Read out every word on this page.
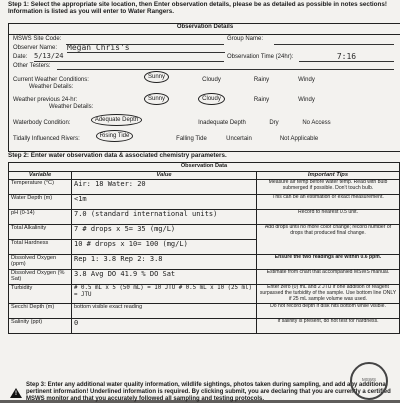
Step 1: Select the appropriate site location, then Enter observation details, please be as detailed as possible in notes sections! Information is listed as you will enter to Water Rangers.
Observation Details
MSWS Site Code:	Group Name:
Observer Name: Megan Chris's
Date: 5/13/24	Observation Time (24hr):	7:16
Other Testers:
Current Weather Conditions:
Weather Details:
Sunny	Cloudy	Rainy	Windy
Weather previous 24-hr:
Weather Details:
Sunny	Cloudy	Rainy	Windy
Waterbody Condition:	Adequate Depth	Inadequate Depth	Dry	No Access
Tidally Influenced Rivers:	Rising Tide	Falling Tide	Uncertain	Not Applicable
Step 2: Enter water observation data & associated chemistry parameters.
Observation Data		
Variable	Value	Important Tips
Temperature (°C)	Air: 18 Water: 20	Measure air temp before water temp. Read with bulb submerged if possible. Don't touch bulb.
Water Depth (m)	<1m	This can be an estimation or exact measurement.
pH (0-14)	7.0 (standard international units)	Record to nearest 0.5 unit.
Total Alkalinity	7 # drops x 5= 35 (mg/L)	Add drops until no more color change; record number of drops that produced final change.
Total Hardness	10 # drops x 10= 100 (mg/L)	
Dissolved Oxygen (ppm)	Rep 1: 3.8 Rep 2: 3.8	Ensure the two readings are within 0.6 ppm.
Dissolved Oxygen (% Sat)	3.8 Avg DO 41.9 % DO Sat	Estimate from chart that accompanied MSWS manual.
Turbidity	# 0.5 mL x 5 (50 mL) = 10 JTU # 0.5 mL x 10 (25 ml) = JTU	Enter zero (0) mL and 2 JTU if one addition of reagent surpassed the turbidity of the sample. Use bottom line ONLY if 25 mL sample volume was used.
Secchi Depth (m)	bottom visible exact reading	Do not record depth if disk hits bottom while visible.
Salinity (ppt)	0	If salinity is present, do not test for hardness.
!
Step 3: Enter any additional water quality information, wildlife sightings, photos taken during sampling, and add any additional pertinent information! Underlined information is required. By clicking submit, you are declaring that you are currently a certified MSWS monitor and that you accurately followed all sampling and testing protocols.
MSWS
